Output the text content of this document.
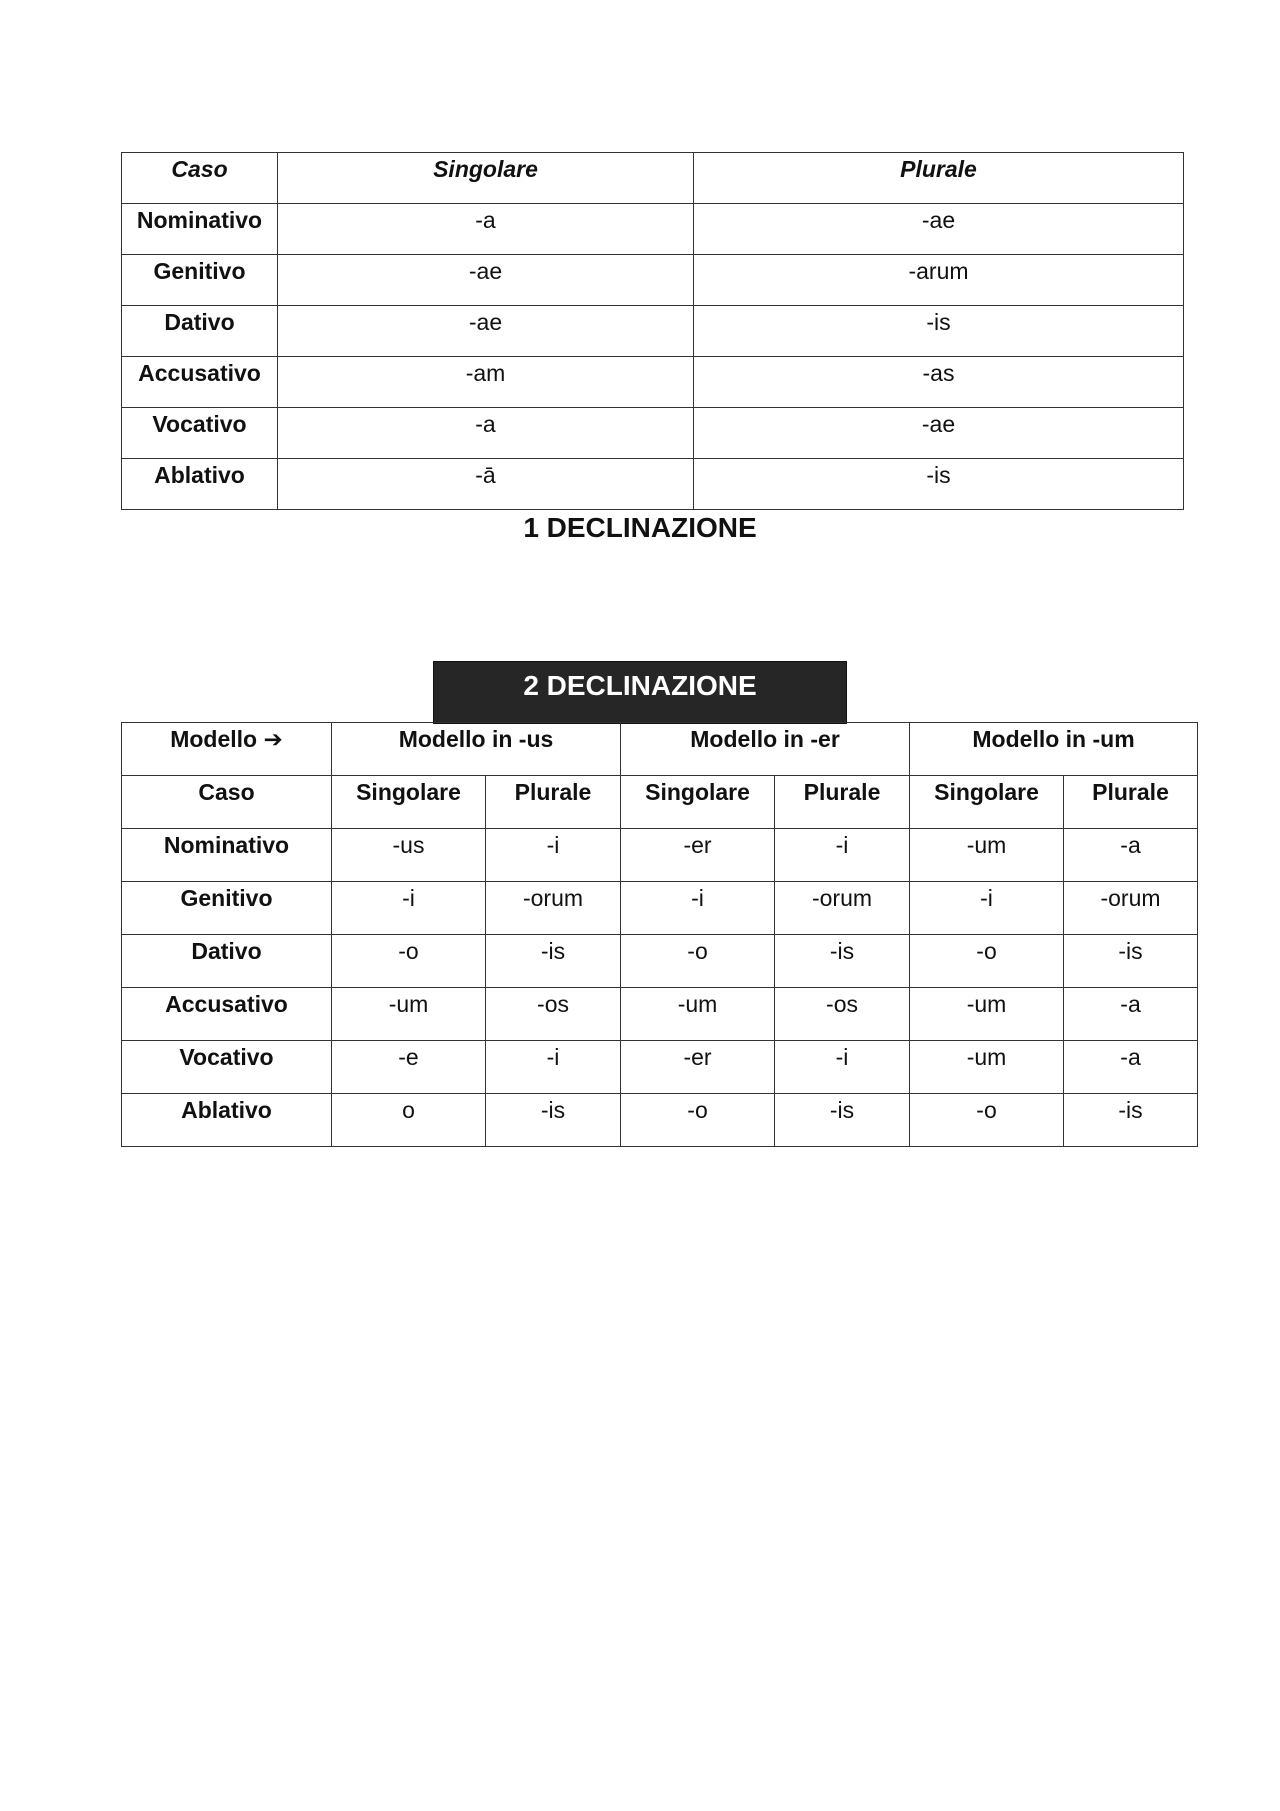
Caso	Singolare	Plurale
Nominativo	-a	-ae
Genitivo	-ae	-arum
Dativo	-ae	-is
Accusativo	-am	-as
Vocativo	-a	-ae
Ablativo	-ā	-is
1 DECLINAZIONE
2 DECLINAZIONE
Modello ➔	Modello in -us		Modello in -er		Modello in -um	
Caso	Singolare	Plurale	Singolare	Plurale	Singolare	Plurale
Nominativo	-us	-i	-er	-i	-um	-a
Genitivo	-i	-orum	-i	-orum	-i	-orum
Dativo	-o	-is	-o	-is	-o	-is
Accusativo	-um	-os	-um	-os	-um	-a
Vocativo	-e	-i	-er	-i	-um	-a
Ablativo	o	-is	-o	-is	-o	-is
